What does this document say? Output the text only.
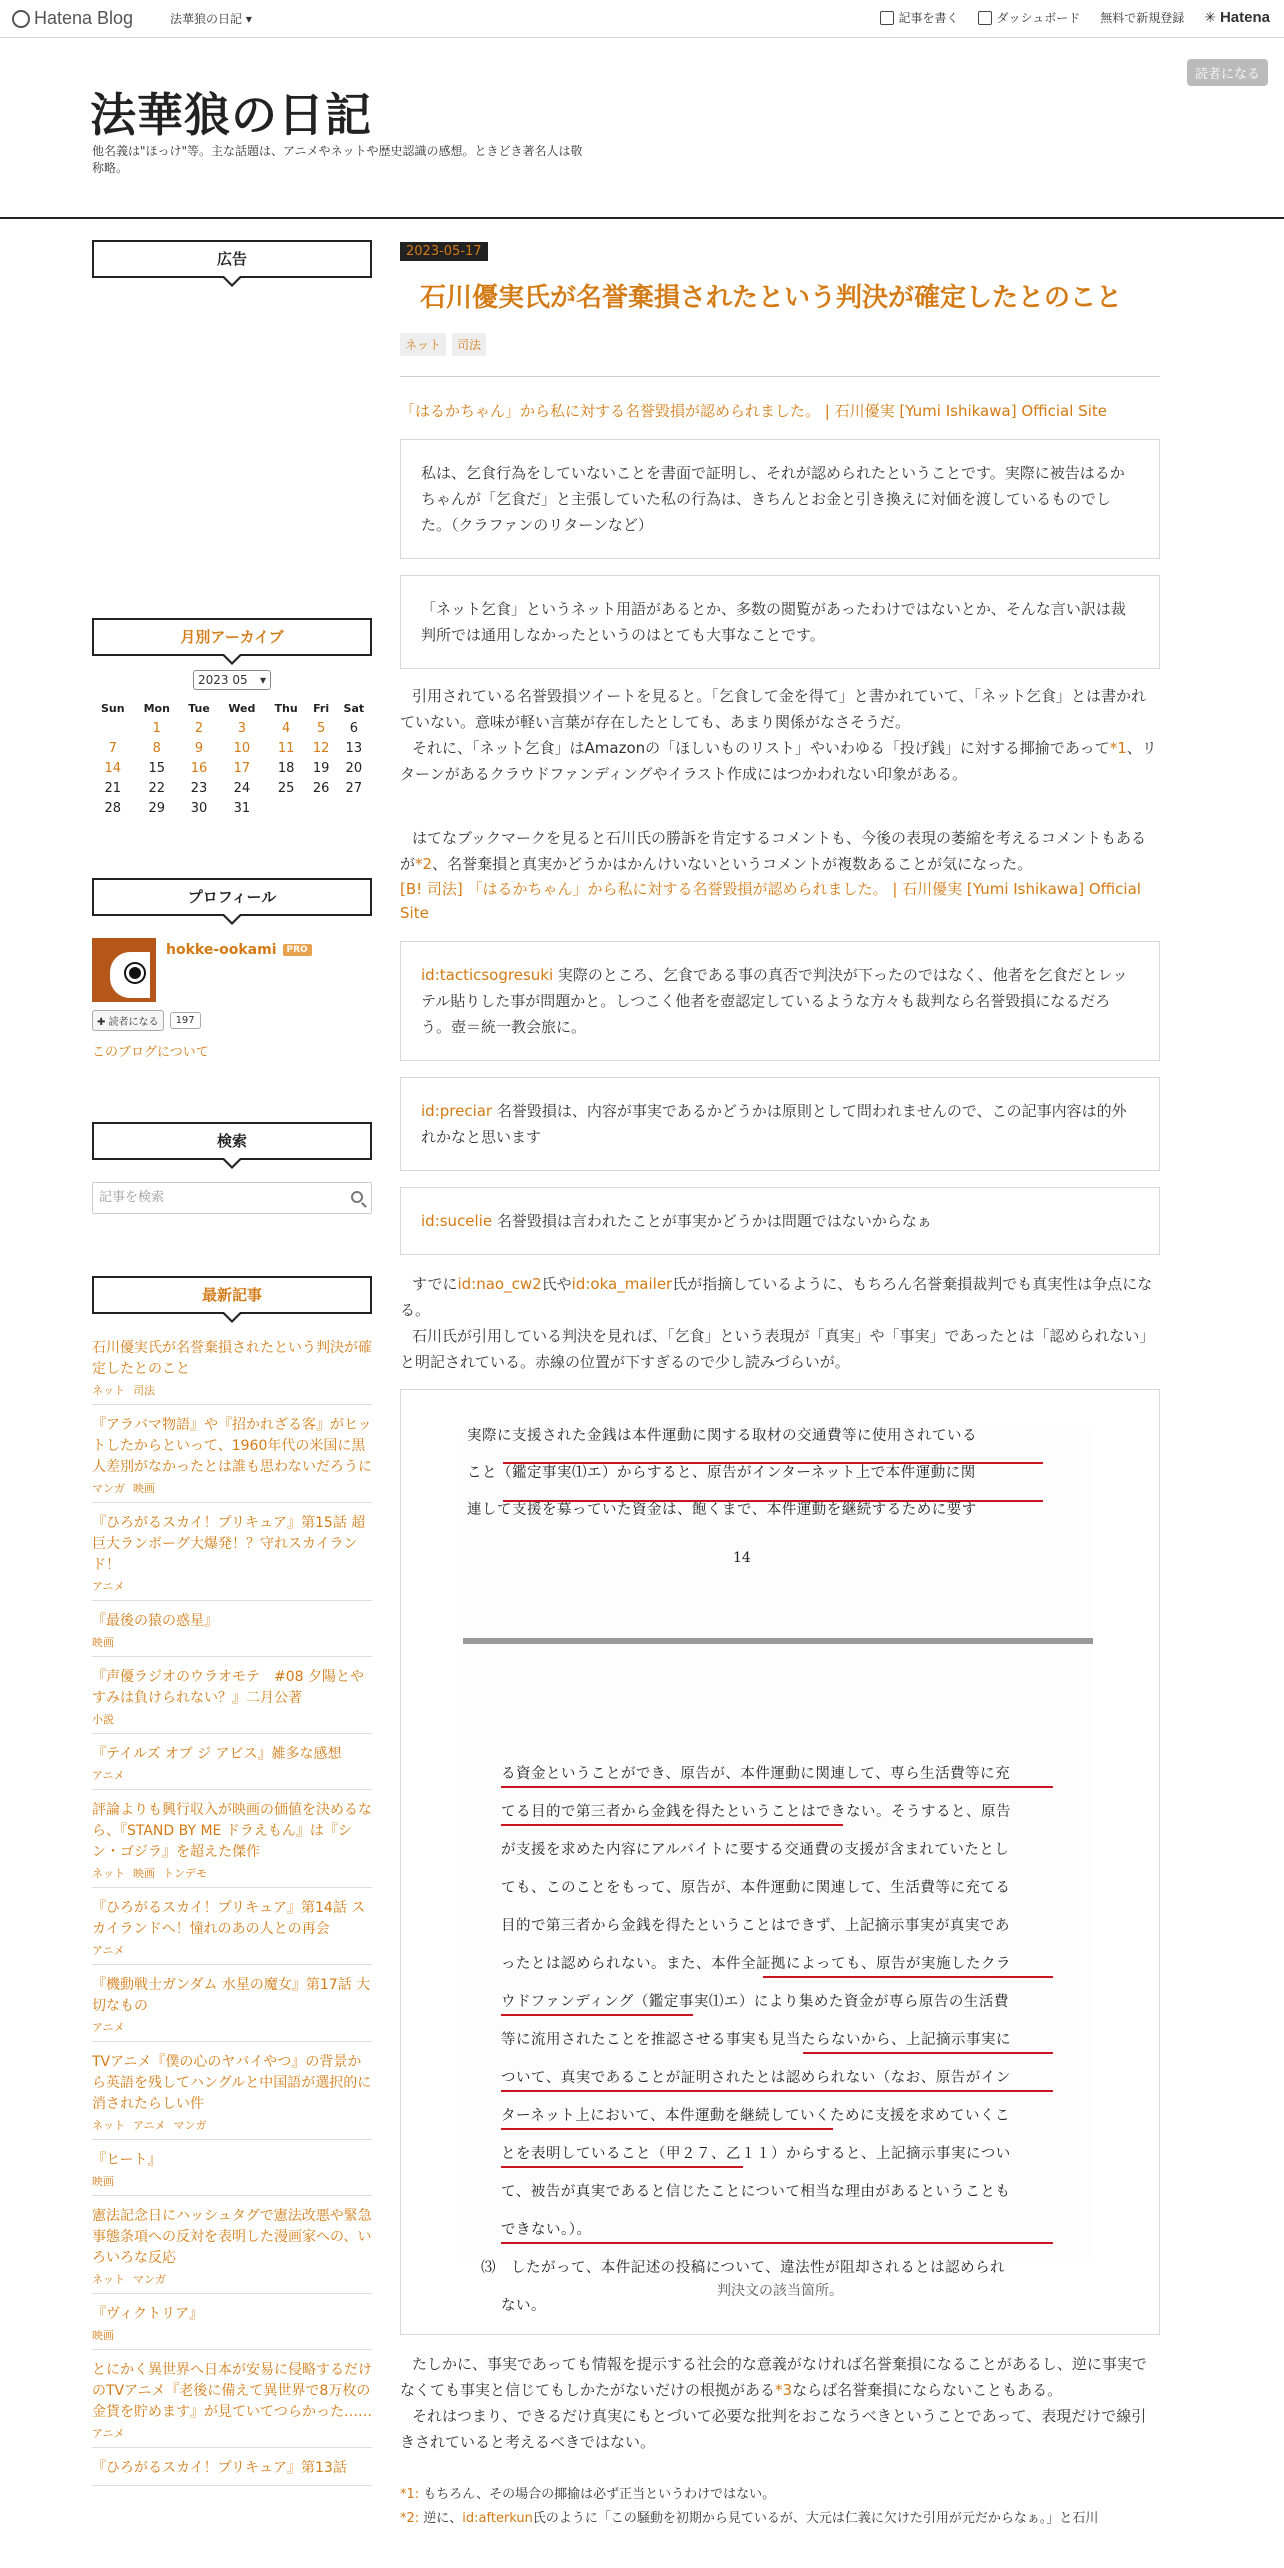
Hatena Blog	法華狼の日記 ▾	記事を書く	ダッシュボード 無料で新規登録 ✳ Hatena
法華狼の日記
他名義は"ほっけ"等。主な話題は、アニメやネットや歴史認識の感想。ときどき著名人は敬称略。
読者になる
広告
月別アーカイブ
2023 05 ▾
Sun	Mon	Tue	Wed	Thu	Fri	Sat
	1	2	3	4	5	6
7	8	9	10	11	12	13
14	15	16	17	18	19	20
21	22	23	24	25	26	27
28	29	30	31			
プロフィール
hokke-ookami	PRO
✚ 読者になる	197
このブログについて
検索
記事を検索
最新記事
石川優実氏が名誉棄損されたという判決が確定したとのこと
ネット 司法
『アラバマ物語』や『招かれざる客』がヒットしたからといって、1960年代の米国に黒人差別がなかったとは誰も思わないだろうに
マンガ 映画
『ひろがるスカイ！プリキュア』第15話 超巨大ランボーグ大爆発！？守れスカイランド！
アニメ
『最後の猿の惑星』
映画
『声優ラジオのウラオモテ　#08 夕陽とやすみは負けられない？』二月公著
小説
『テイルズ オブ ジ アビス』雑多な感想
アニメ
評論よりも興行収入が映画の価値を決めるなら、『STAND BY ME ドラえもん』は『シン・ゴジラ』を超えた傑作
ネット 映画 トンデモ
『ひろがるスカイ！プリキュア』第14話 スカイランドへ！憧れのあの人との再会
アニメ
『機動戦士ガンダム 水星の魔女』第17話 大切なもの
アニメ
TVアニメ『僕の心のヤバイやつ』の背景から英語を残してハングルと中国語が選択的に消されたらしい件
ネット アニメ マンガ
『ヒート』
映画
憲法記念日にハッシュタグで憲法改悪や緊急事態条項への反対を表明した漫画家への、いろいろな反応
ネット マンガ
『ヴィクトリア』
映画
とにかく異世界へ日本が安易に侵略するだけのTVアニメ『老後に備えて異世界で8万枚の金貨を貯めます』が見ていてつらかった……
アニメ
『ひろがるスカイ！プリキュア』第13話
2023-05-17
石川優実氏が名誉棄損されたという判決が確定したとのこと
ネット	司法
「はるかちゃん」から私に対する名誉毀損が認められました。 | 石川優実 [Yumi Ishikawa] Official Site
私は、乞食行為をしていないことを書面で証明し、それが認められたということです。実際に被告はるかちゃんが「乞食だ」と主張していた私の行為は、きちんとお金と引き換えに対価を渡しているものでした。（クラファンのリターンなど）
「ネット乞食」というネット用語があるとか、多数の閲覧があったわけではないとか、そんな言い訳は裁判所では通用しなかったというのはとても大事なことです。
引用されている名誉毀損ツイートを見ると。「乞食して金を得て」と書かれていて、「ネット乞食」とは書かれていない。意味が軽い言葉が存在したとしても、あまり関係がなさそうだ。
それに、「ネット乞食」はAmazonの「ほしいものリスト」やいわゆる「投げ銭」に対する揶揄であって*1、リターンがあるクラウドファンディングやイラスト作成にはつかわれない印象がある。
はてなブックマークを見ると石川氏の勝訴を肯定するコメントも、今後の表現の萎縮を考えるコメントもあるが*2、名誉棄損と真実かどうかはかんけいないというコメントが複数あることが気になった。
[B! 司法] 「はるかちゃん」から私に対する名誉毀損が認められました。 | 石川優実 [Yumi Ishikawa] Official Site
id:tacticsogresuki 実際のところ、乞食である事の真否で判決が下ったのではなく、他者を乞食だとレッテル貼りした事が問題かと。しつこく他者を壺認定しているような方々も裁判なら名誉毀損になるだろう。壺＝統一教会旅に。
id:preciar 名誉毀損は、内容が事実であるかどうかは原則として問われませんので、この記事内容は的外れかなと思います
id:sucelie 名誉毀損は言われたことが事実かどうかは問題ではないからなぁ
すでにid:nao_cw2氏やid:oka_mailer氏が指摘しているように、もちろん名誉棄損裁判でも真実性は争点になる。
石川氏が引用している判決を見れば、「乞食」という表現が「真実」や「事実」であったとは「認められない」と明記されている。赤線の位置が下すぎるので少し読みづらいが。
14
実際に支援された金銭は本件運動に関する取材の交通費等に使用されている
こと（鑑定事実⑴エ）からすると、原告がインターネット上で本件運動に関
連して支援を募っていた資金は、飽くまで、本件運動を継続するために要す
る資金ということができ、原告が、本件運動に関連して、専ら生活費等に充
てる目的で第三者から金銭を得たということはできない。そうすると、原告
が支援を求めた内容にアルバイトに要する交通費の支援が含まれていたとし
ても、このことをもって、原告が、本件運動に関連して、生活費等に充てる
目的で第三者から金銭を得たということはできず、上記摘示事実が真実であ
ったとは認められない。また、本件全証拠によっても、原告が実施したクラ
ウドファンディング（鑑定事実⑴エ）により集めた資金が専ら原告の生活費
等に流用されたことを推認させる事実も見当たらないから、上記摘示事実に
ついて、真実であることが証明されたとは認められない（なお、原告がイン
ターネット上において、本件運動を継続していくために支援を求めていくこ
とを表明していること（甲２７、乙１１）からすると、上記摘示事実につい
て、被告が真実であると信じたことについて相当な理由があるということも
できない。）。
⑶　したがって、本件記述の投稿について、違法性が阻却されるとは認められ
ない。
判決文の該当箇所。
たしかに、事実であっても情報を提示する社会的な意義がなければ名誉棄損になることがあるし、逆に事実でなくても事実と信じてもしかたがないだけの根拠がある*3ならば名誉棄損にならないこともある。
それはつまり、できるだけ真実にもとづいて必要な批判をおこなうべきということであって、表現だけで線引きされていると考えるべきではない。
*1: もちろん、その場合の揶揄は必ず正当というわけではない。
*2: 逆に、id:afterkun氏のように「この騒動を初期から見ているが、大元は仁義に欠けた引用が元だからなぁ。」と石川
